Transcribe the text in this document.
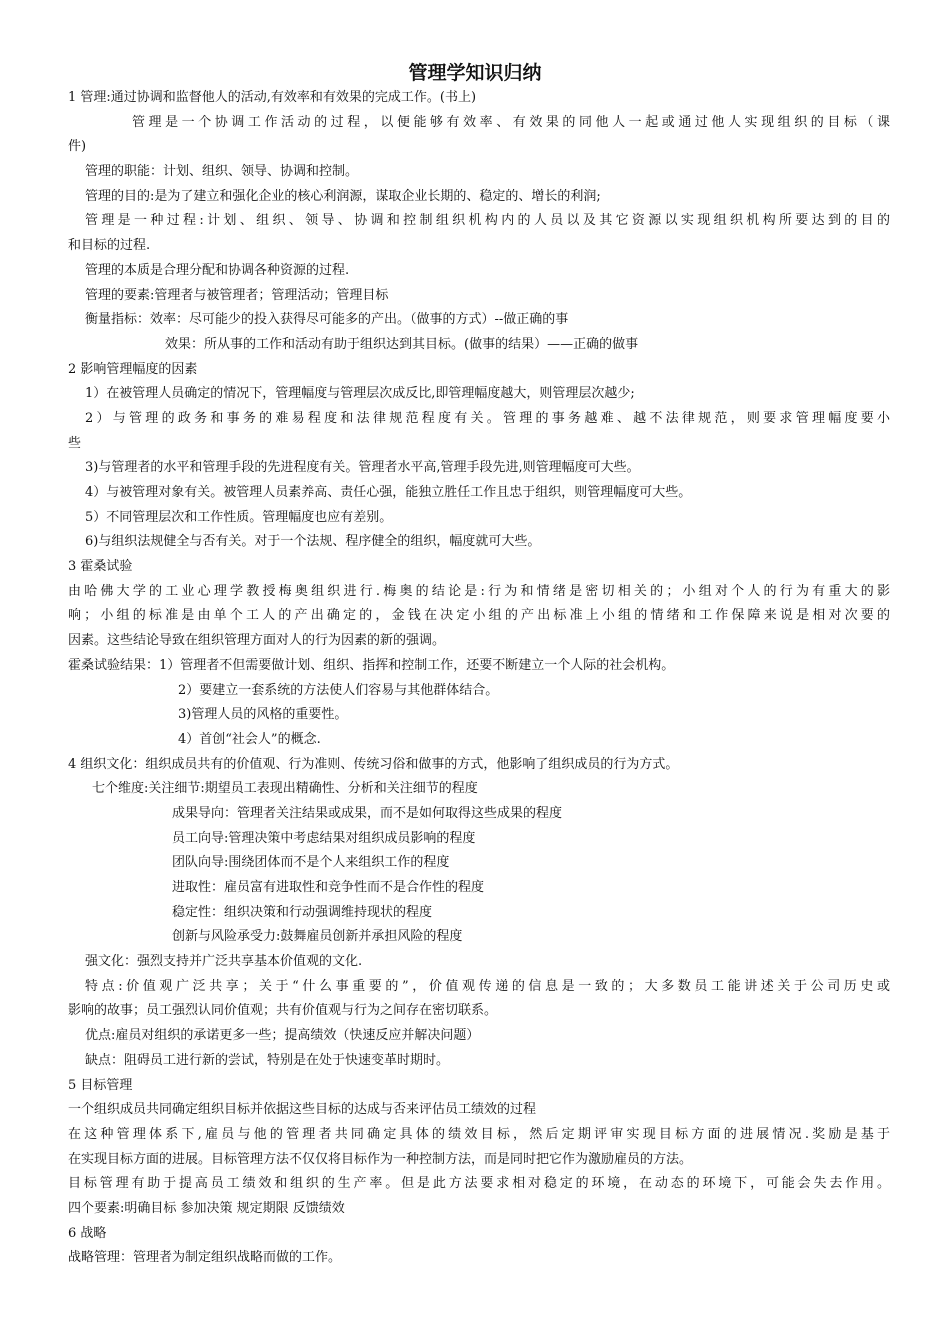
管理学知识归纳

1 管理:通过协调和监督他人的活动,有效率和有效果的完成工作。(书上)

管理是一个协调工作活动的过程，以便能够有效率、有效果的同他人一起或通过他人实现组织的目标（课

件)

管理的职能：计划、组织、领导、协调和控制。

管理的目的:是为了建立和强化企业的核心利润源，谋取企业长期的、稳定的、增长的利润;

管理是一种过程:计划、组织、领导、协调和控制组织机构内的人员以及其它资源以实现组织机构所要达到的目的

和目标的过程.

管理的本质是合理分配和协调各种资源的过程.

管理的要素:管理者与被管理者；管理活动；管理目标

衡量指标：效率：尽可能少的投入获得尽可能多的产出。（做事的方式）--做正确的事

效果：所从事的工作和活动有助于组织达到其目标。(做事的结果）——正确的做事

2 影响管理幅度的因素

1）在被管理人员确定的情况下，管理幅度与管理层次成反比,即管理幅度越大，则管理层次越少;

2）与管理的政务和事务的难易程度和法律规范程度有关。管理的事务越难、越不法律规范，则要求管理幅度要小

些

3)与管理者的水平和管理手段的先进程度有关。管理者水平高,管理手段先进,则管理幅度可大些。

4）与被管理对象有关。被管理人员素养高、责任心强，能独立胜任工作且忠于组织，则管理幅度可大些。

5）不同管理层次和工作性质。管理幅度也应有差别。

6)与组织法规健全与否有关。对于一个法规、程序健全的组织，幅度就可大些。

3 霍桑试验

由哈佛大学的工业心理学教授梅奥组织进行.梅奥的结论是:行为和情绪是密切相关的；小组对个人的行为有重大的影

响；小组的标准是由单个工人的产出确定的，金钱在决定小组的产出标准上小组的情绪和工作保障来说是相对次要的

因素。这些结论导致在组织管理方面对人的行为因素的新的强调。

霍桑试验结果：1）管理者不但需要做计划、组织、指挥和控制工作，还要不断建立一个人际的社会机构。

2）要建立一套系统的方法使人们容易与其他群体结合。

3)管理人员的风格的重要性。

4）首创“社会人”的概念.

4 组织文化：组织成员共有的价值观、行为准则、传统习俗和做事的方式，他影响了组织成员的行为方式。

七个维度:关注细节:期望员工表现出精确性、分析和关注细节的程度

成果导向：管理者关注结果或成果，而不是如何取得这些成果的程度

员工向导:管理决策中考虑结果对组织成员影响的程度

团队向导:围绕团体而不是个人来组织工作的程度

进取性：雇员富有进取性和竞争性而不是合作性的程度

稳定性：组织决策和行动强调维持现状的程度

创新与风险承受力:鼓舞雇员创新并承担风险的程度

强文化：强烈支持并广泛共享基本价值观的文化.

特点:价值观广泛共享；关于“什么事重要的”，价值观传递的信息是一致的；大多数员工能讲述关于公司历史或

影响的故事；员工强烈认同价值观；共有价值观与行为之间存在密切联系。

优点:雇员对组织的承诺更多一些；提高绩效（快速反应并解决问题）

缺点：阻碍员工进行新的尝试，特别是在处于快速变革时期时。

5 目标管理

一个组织成员共同确定组织目标并依据这些目标的达成与否来评估员工绩效的过程

在这种管理体系下,雇员与他的管理者共同确定具体的绩效目标，然后定期评审实现目标方面的进展情况.奖励是基于

在实现目标方面的进展。目标管理方法不仅仅将目标作为一种控制方法，而是同时把它作为激励雇员的方法。

目标管理有助于提高员工绩效和组织的生产率。但是此方法要求相对稳定的环境，在动态的环境下，可能会失去作用。

四个要素:明确目标 参加决策 规定期限 反馈绩效

6 战略

战略管理：管理者为制定组织战略而做的工作。
